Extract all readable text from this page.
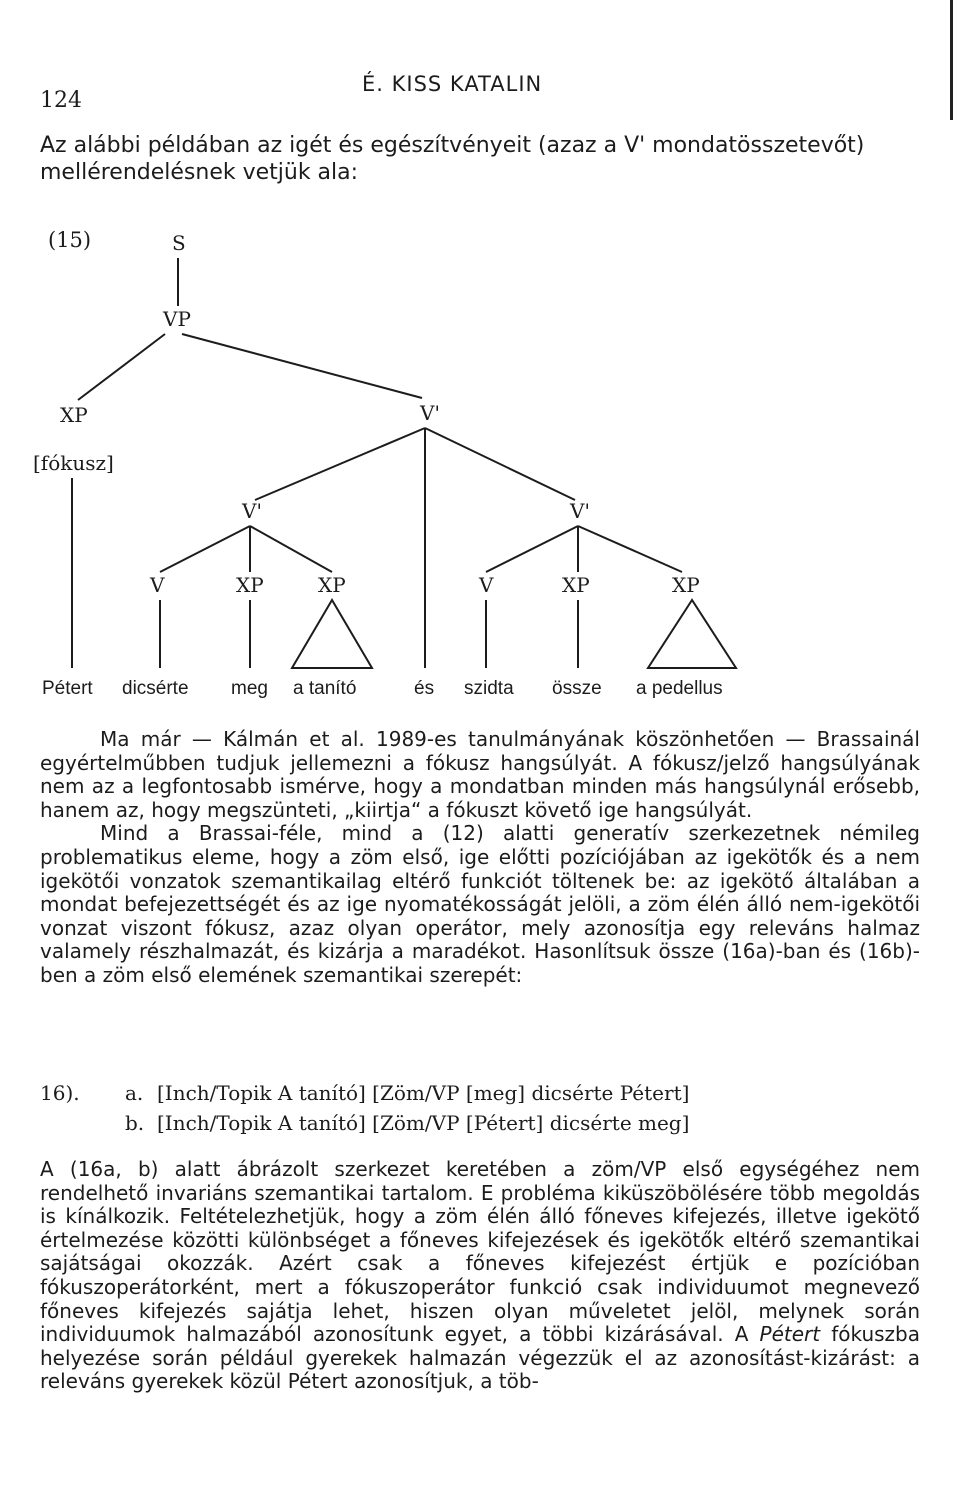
124
É. KISS KATALIN
Az alábbi példában az igét és egészítvényeit (azaz a V' mondatösszetevőt) mellérendelésnek vetjük ala:
(15)	S
VP
XP
[fókusz]
V'
V'	V'
V	XP	XP	V	XP	XP
Pétert dicsérte meg a tanító	és szidta össze a pedellus

Ma már — Kálmán et al. 1989-es tanulmányának köszönhetően — Brassainál egyértelműbben tudjuk jellemezni a fókusz hangsúlyát. A fókusz/jelző hangsúlyának nem az a legfontosabb ismérve, hogy a mondatban minden más hangsúlynál erősebb, hanem az, hogy megszünteti, „kiirtja“ a fókuszt követő ige hangsúlyát.

Mind a Brassai-féle, mind a (12) alatti generatív szerkezetnek némileg problematikus eleme, hogy a zöm első, ige előtti pozíciójában az igekötők és a nem igekötői vonzatok szemantikailag eltérő funkciót töltenek be: az igekötő általában a mondat befejezettségét és az ige nyomatékosságát jelöli, a zöm élén álló nem-igekötői vonzat viszont fókusz, azaz olyan operátor, mely azonosítja egy releváns halmaz valamely részhalmazát, és kizárja a maradékot. Hasonlítsuk össze (16a)-ban és (16b)-ben a zöm első elemének szemantikai szerepét:

16).	a. [Inch/Topik A tanító] [Zöm/VP [meg] dicsérte Pétert]
b. [Inch/Topik A tanító] [Zöm/VP [Pétert] dicsérte meg]
A (16a, b) alatt ábrázolt szerkezet keretében a zöm/VP első egységéhez nem rendelhető invariáns szemantikai tartalom. E probléma kiküszöbölésére több megoldás is kínálkozik. Feltételezhetjük, hogy a zöm élén álló főneves kifejezés, illetve igekötő értelmezése közötti különbséget a főneves kifejezések és igekötők eltérő szemantikai sajátságai okozzák. Azért csak a főneves kifejezést értjük e pozícióban fókuszoperátorként, mert a fókuszoperátor funkció csak individuumot megnevező főneves kifejezés sajátja lehet, hiszen olyan műveletet jelöl, melynek során individuumok halmazából azonosítunk egyet, a többi kizárásával. A Pétert fókuszba helyezése során például gyerekek halmazán végezzük el az azonosítást-kizárást: a releváns gyerekek közül Pétert azonosítjuk, a töb-
